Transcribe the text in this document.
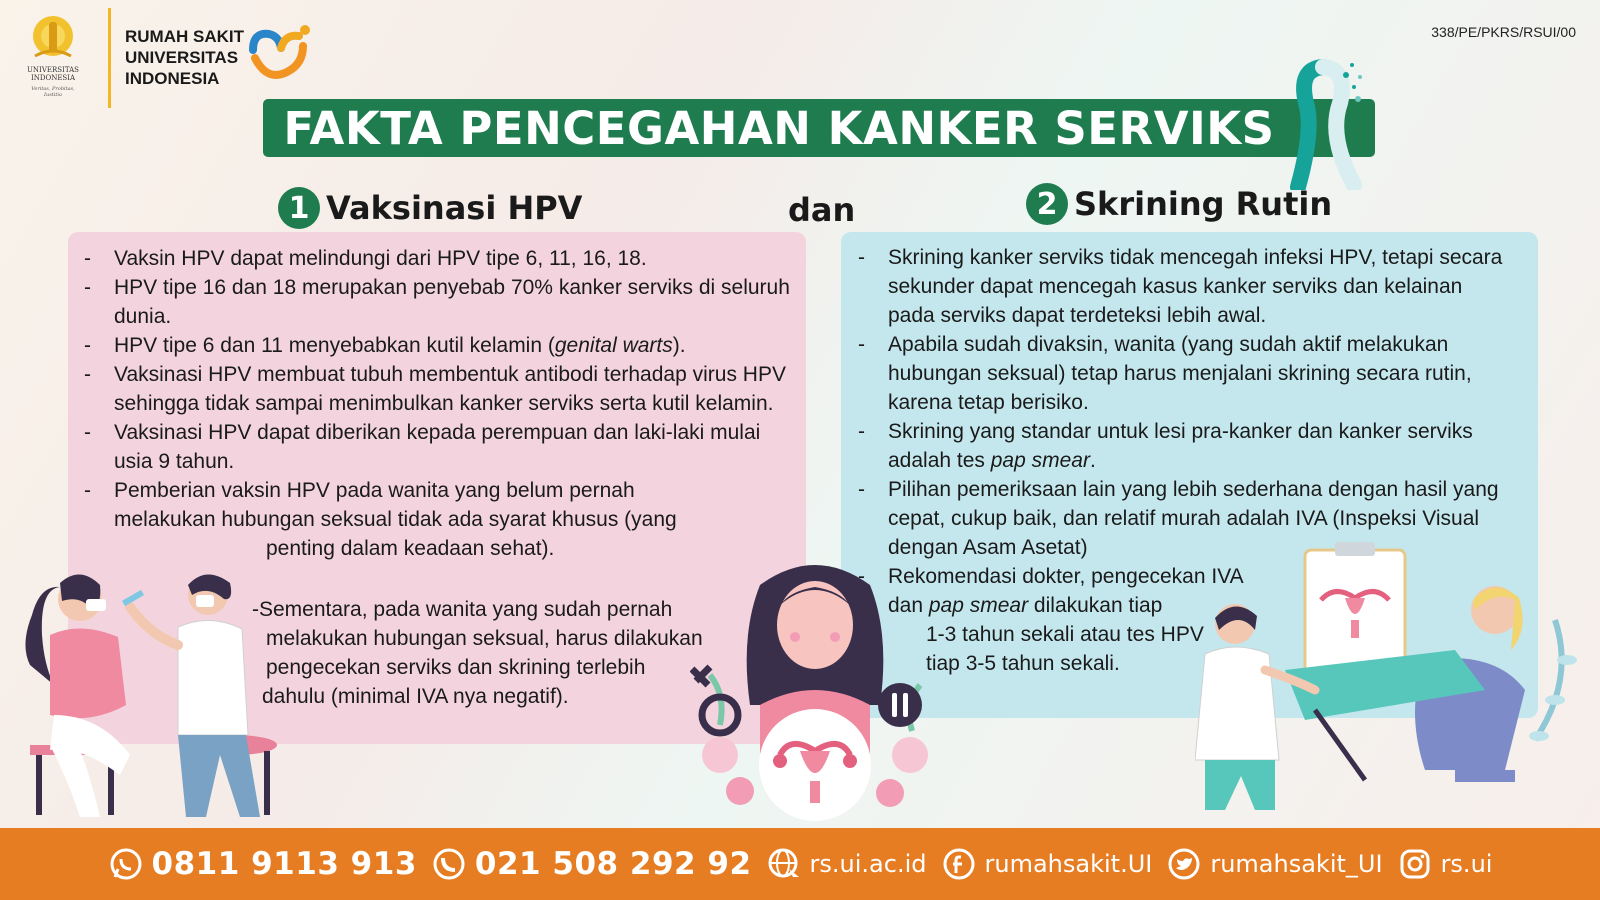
UNIVERSITAS
INDONESIA
Veritas, Probitas, Iustitia
RUMAH SAKIT
UNIVERSITAS
INDONESIA
338/PE/PKRS/RSUI/00
FAKTA PENCEGAHAN KANKER SERVIKS
1 Vaksinasi HPV	dan	2 Skrining Rutin
- Vaksin HPV dapat melindungi dari HPV tipe 6, 11, 16, 18.
- HPV tipe 16 dan 18 merupakan penyebab 70% kanker serviks di seluruh dunia.
- HPV tipe 6 dan 11 menyebabkan kutil kelamin (genital warts).
- Vaksinasi HPV membuat tubuh membentuk antibodi terhadap virus HPV sehingga tidak sampai menimbulkan kanker serviks serta kutil kelamin.
- Vaksinasi HPV dapat diberikan kepada perempuan dan laki-laki mulai usia 9 tahun.
- Pemberian vaksin HPV pada wanita yang belum pernah
melakukan hubungan seksual tidak ada syarat khusus (yang
penting dalam keadaan sehat).
-Sementara, pada wanita yang sudah pernah
melakukan hubungan seksual, harus dilakukan
pengecekan serviks dan skrining terlebih
dahulu (minimal IVA nya negatif).
- Skrining kanker serviks tidak mencegah infeksi HPV, tetapi secara sekunder dapat mencegah kasus kanker serviks dan kelainan pada serviks dapat terdeteksi lebih awal.
- Apabila sudah divaksin, wanita (yang sudah aktif melakukan hubungan seksual) tetap harus menjalani skrining secara rutin, karena tetap berisiko.
- Skrining yang standar untuk lesi pra-kanker dan kanker serviks adalah tes pap smear.
- Pilihan pemeriksaan lain yang lebih sederhana dengan hasil yang cepat, cukup baik, dan relatif murah adalah IVA (Inspeksi Visual dengan Asam Asetat)
- Rekomendasi dokter, pengecekan IVA
dan pap smear dilakukan tiap
1-3 tahun sekali atau tes HPV
tiap 3-5 tahun sekali.
0811 9113 913 021 508 292 92 rs.ui.ac.id rumahsakit.UI rumahsakit_UI rs.ui
